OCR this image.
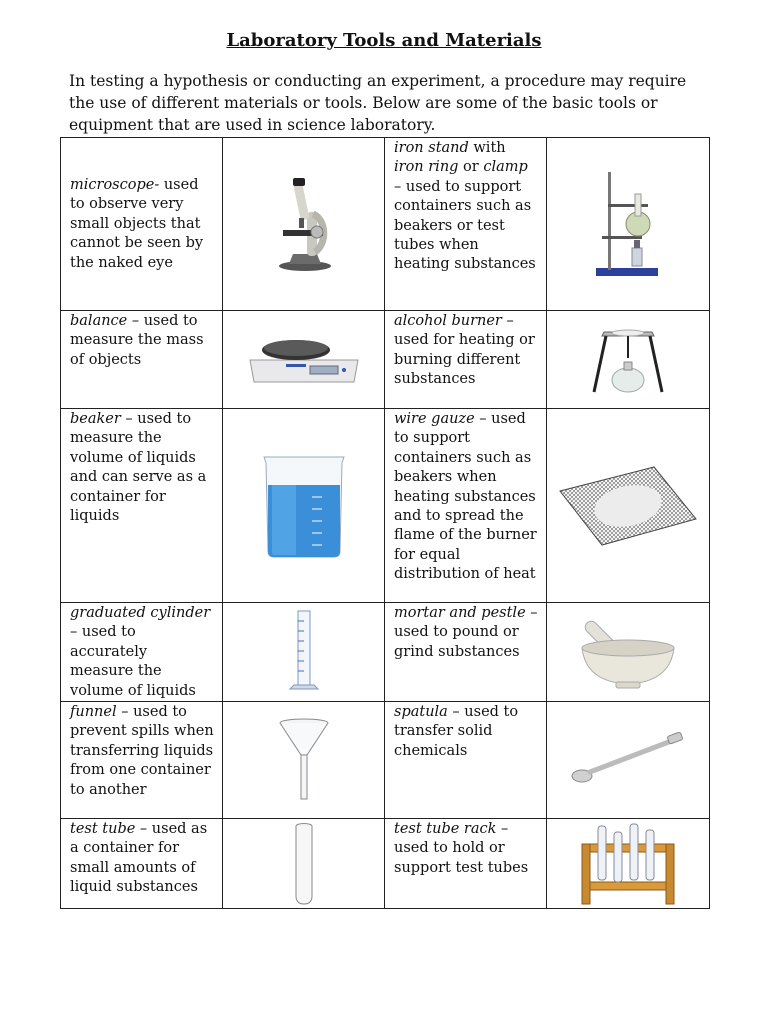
Laboratory Tools and Materials
In testing a hypothesis or conducting an experiment, a procedure may require the use of different materials or tools. Below are some of the basic tools or equipment that are used in science laboratory.
microscope- used to observe very small objects that cannot be seen by the naked eye		iron stand with iron ring or clamp – used to support containers such as beakers or test tubes when heating substances	
balance – used to measure the mass of objects		alcohol burner – used for heating or burning different substances	
beaker – used to measure the volume of liquids and can serve as a container for liquids		wire gauze – used to support containers such as beakers when heating substances and to spread the flame of the burner for equal distribution of heat	
graduated cylinder – used to accurately measure the volume of liquids		mortar and pestle – used to pound or grind substances	
funnel – used to prevent spills when transferring liquids from one container to another		spatula – used to transfer solid chemicals	
test tube – used as a container for small amounts of liquid substances		test tube rack – used to hold or support test tubes	
